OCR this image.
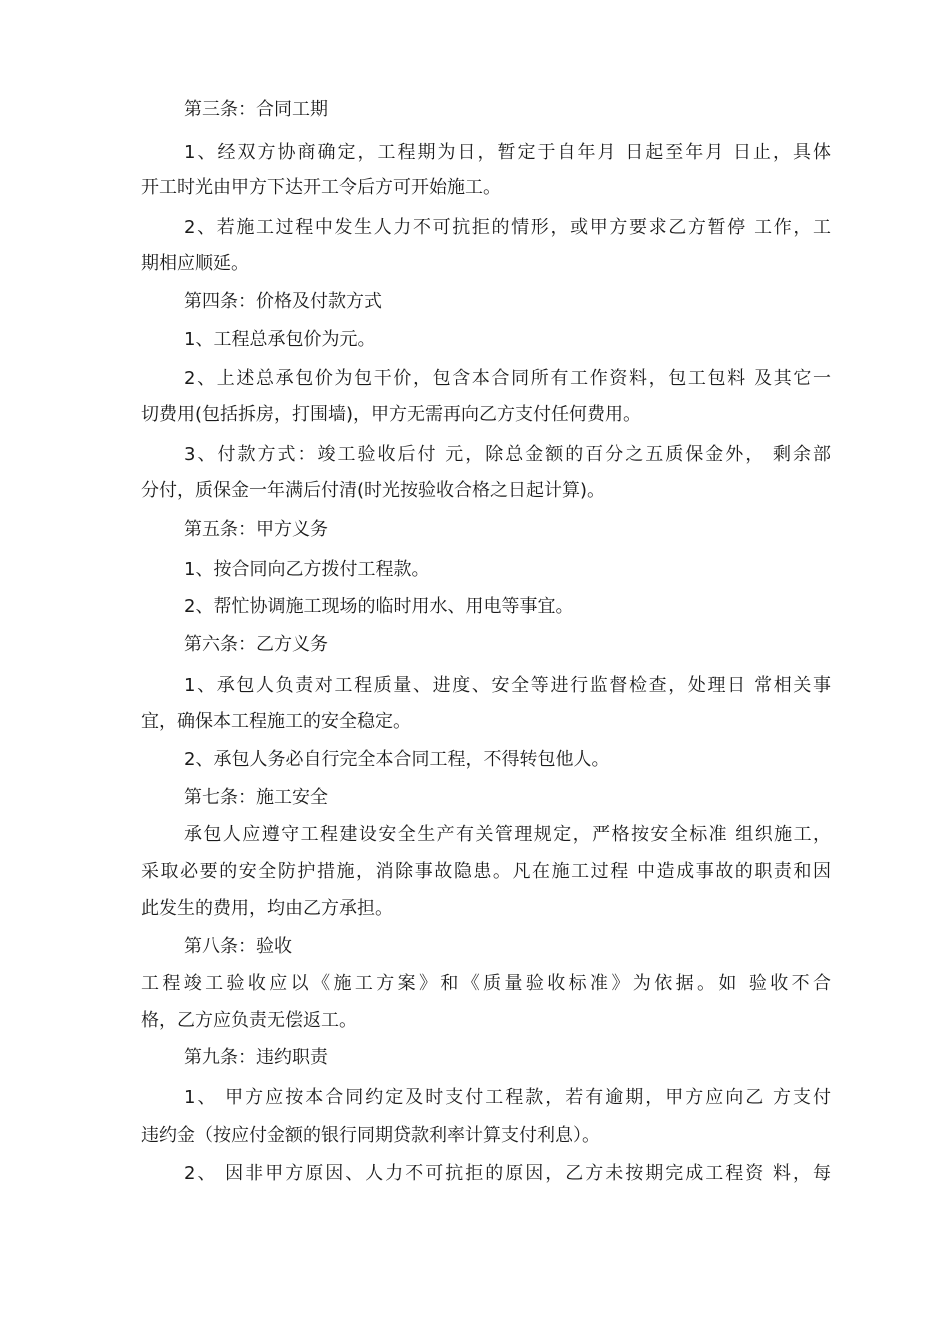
第三条：合同工期

1、经双方协商确定，工程期为日，暂定于自年月 日起至年月 日止，具体

开工时光由甲方下达开工令后方可开始施工。

2、若施工过程中发生人力不可抗拒的情形，或甲方要求乙方暂停 工作，工

期相应顺延。

第四条：价格及付款方式

1、工程总承包价为元。

2、上述总承包价为包干价，包含本合同所有工作资料，包工包料 及其它一

切费用(包括拆房，打围墙)，甲方无需再向乙方支付任何费用。

3、付款方式：竣工验收后付 元，除总金额的百分之五质保金外， 剩余部

分付，质保金一年满后付清(时光按验收合格之日起计算)。

第五条：甲方义务

1、按合同向乙方拨付工程款。

2、帮忙协调施工现场的临时用水、用电等事宜。

第六条：乙方义务

1、承包人负责对工程质量、进度、安全等进行监督检查，处理日 常相关事

宜，确保本工程施工的安全稳定。

2、承包人务必自行完全本合同工程，不得转包他人。

第七条：施工安全

承包人应遵守工程建设安全生产有关管理规定，严格按安全标准 组织施工，

采取必要的安全防护措施，消除事故隐患。凡在施工过程 中造成事故的职责和因

此发生的费用，均由乙方承担。

第八条：验收

工程竣工验收应以《施工方案》和《质量验收标准》为依据。如 验收不合

格，乙方应负责无偿返工。

第九条：违约职责

1、 甲方应按本合同约定及时支付工程款，若有逾期，甲方应向乙 方支付

违约金（按应付金额的银行同期贷款利率计算支付利息）。

2、 因非甲方原因、人力不可抗拒的原因，乙方未按期完成工程资 料，每
